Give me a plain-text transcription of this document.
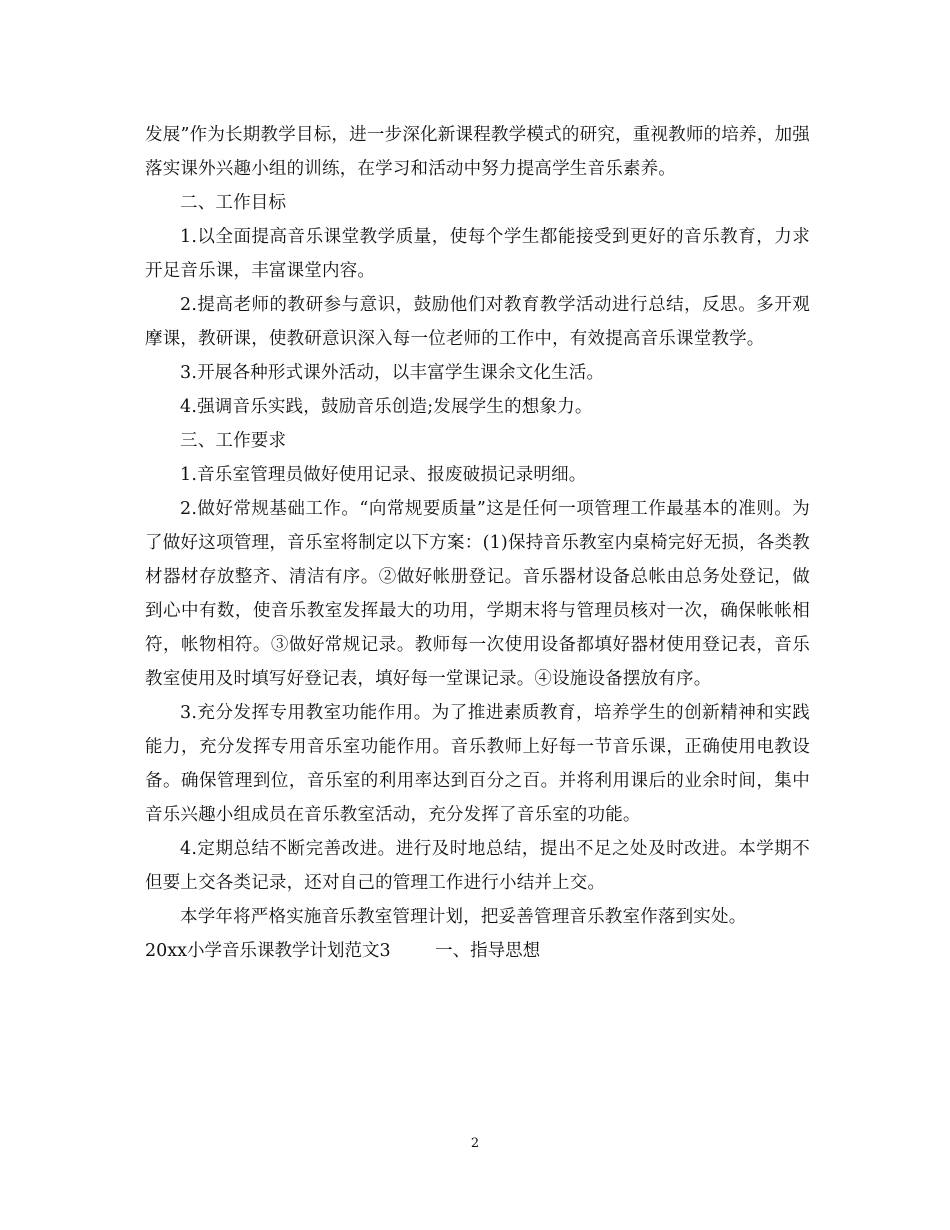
发展”作为长期教学目标，进一步深化新课程教学模式的研究，重视教师的培养，加强落实课外兴趣小组的训练，在学习和活动中努力提高学生音乐素养。

二、工作目标

1.以全面提高音乐课堂教学质量，使每个学生都能接受到更好的音乐教育，力求开足音乐课，丰富课堂内容。

2.提高老师的教研参与意识，鼓励他们对教育教学活动进行总结，反思。多开观摩课，教研课，使教研意识深入每一位老师的工作中，有效提高音乐课堂教学。

3.开展各种形式课外活动，以丰富学生课余文化生活。

4.强调音乐实践，鼓励音乐创造;发展学生的想象力。

三、工作要求

1.音乐室管理员做好使用记录、报废破损记录明细。

2.做好常规基础工作。“向常规要质量”这是任何一项管理工作最基本的准则。为了做好这项管理，音乐室将制定以下方案：(1)保持音乐教室内桌椅完好无损，各类教材器材存放整齐、清洁有序。②做好帐册登记。音乐器材设备总帐由总务处登记，做到心中有数，使音乐教室发挥最大的功用，学期末将与管理员核对一次，确保帐帐相符，帐物相符。③做好常规记录。教师每一次使用设备都填好器材使用登记表，音乐教室使用及时填写好登记表，填好每一堂课记录。④设施设备摆放有序。

3.充分发挥专用教室功能作用。为了推进素质教育，培养学生的创新精神和实践能力，充分发挥专用音乐室功能作用。音乐教师上好每一节音乐课，正确使用电教设备。确保管理到位，音乐室的利用率达到百分之百。并将利用课后的业余时间，集中音乐兴趣小组成员在音乐教室活动，充分发挥了音乐室的功能。

4.定期总结不断完善改进。进行及时地总结，提出不足之处及时改进。本学期不但要上交各类记录，还对自己的管理工作进行小结并上交。

本学年将严格实施音乐教室管理计划，把妥善管理音乐教室作落到实处。

20xx小学音乐课教学计划范文3	一、指导思想

2
